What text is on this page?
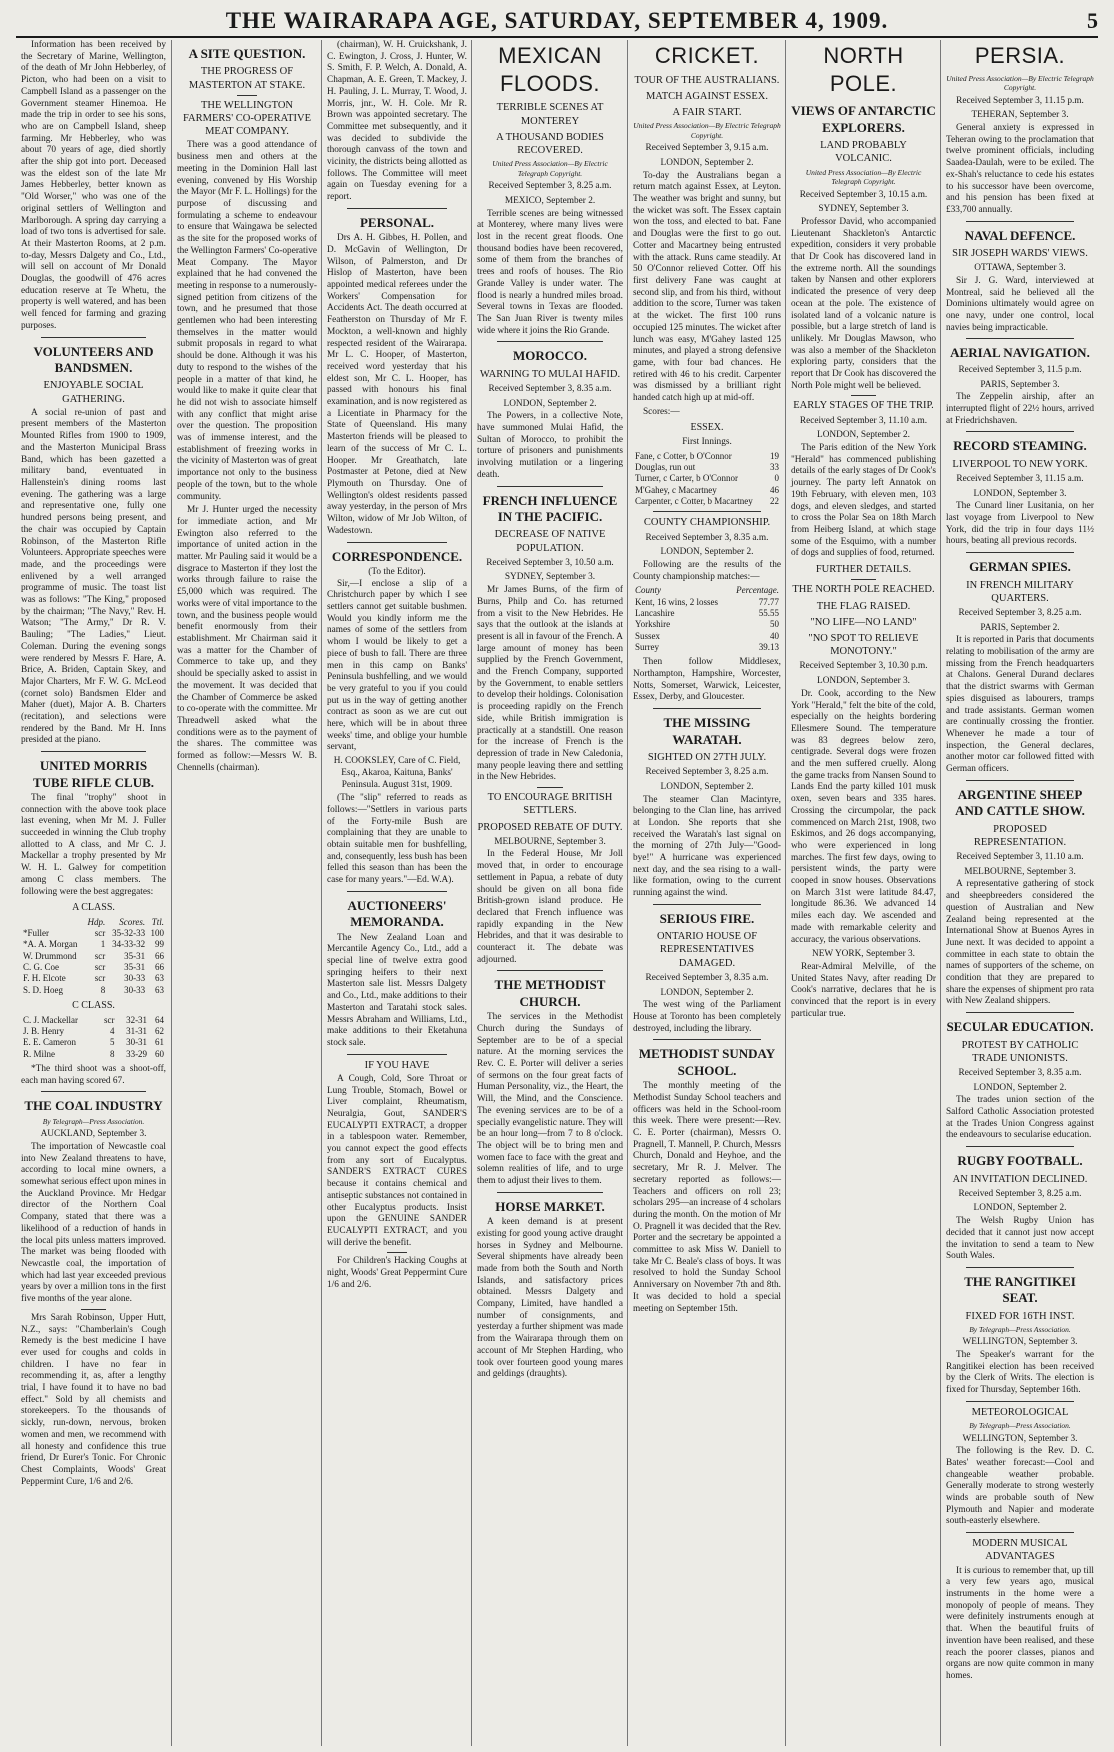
THE WAIRARAPA AGE, SATURDAY, SEPTEMBER 4, 1909.	5

Information has been received by the Secretary of Marine, Wellington, of the death of Mr John Hebberley, of Picton, who had been on a visit to Campbell Island as a passenger on the Government steamer Hinemoa. He made the trip in order to see his sons, who are on Campbell Island, sheep farming. Mr Hebberley, who was about 70 years of age, died shortly after the ship got into port. Deceased was the eldest son of the late Mr James Hebberley, better known as "Old Worser," who was one of the original settlers of Wellington and Marlborough. A spring day carrying a load of two tons is advertised for sale. At their Masterton Rooms, at 2 p.m. to-day, Messrs Dalgety and Co., Ltd., will sell on account of Mr Donald Douglas, the goodwill of 476 acres education reserve at Te Whetu, the property is well watered, and has been well fenced for farming and grazing purposes.

VOLUNTEERS AND BANDSMEN.
ENJOYABLE SOCIAL GATHERING.

A social re-union of past and present members of the Masterton Mounted Rifles from 1900 to 1909, and the Masterton Municipal Brass Band, which has been gazetted a military band, eventuated in Hallenstein's dining rooms last evening. The gathering was a large and representative one, fully one hundred persons being present, and the chair was occupied by Captain Robinson, of the Masterton Rifle Volunteers. Appropriate speeches were made, and the proceedings were enlivened by a well arranged programme of music. The toast list was as follows: "The King," proposed by the chairman; "The Navy," Rev. H. Watson; "The Army," Dr R. V. Bauling; "The Ladies," Lieut. Coleman. During the evening songs were rendered by Messrs F. Hare, A. Brice, A. Briden, Captain Skey, and Major Charters, Mr F. W. G. McLeod (cornet solo) Bandsmen Elder and Maher (duet), Major A. B. Charters (recitation), and selections were rendered by the Band. Mr H. Inns presided at the piano.

UNITED MORRIS TUBE RIFLE CLUB.

The final "trophy" shoot in connection with the above took place last evening, when Mr M. J. Fuller succeeded in winning the Club trophy allotted to A class, and Mr C. J. Mackellar a trophy presented by Mr W. H. L. Galwey for competition among C class members. The following were the best aggregates:

A CLASS.
	Hdp.	Scores.	Ttl.
*Fuller	scr	35-32-33	100
*A. A. Morgan	1	34-33-32	99
W. Drummond	scr	35-31	66
C. G. Coe	scr	35-31	66
F. H. Elcote	scr	30-33	63
S. D. Hoeg	8	30-33	63
C CLASS.
C. J. Mackellar	scr	32-31	64
J. B. Henry	4	31-31	62
E. E. Cameron	5	30-31	61
R. Milne	8	33-29	60

*The third shoot was a shoot-off, each man having scored 67.

THE COAL INDUSTRY
By Telegraph—Press Association.
AUCKLAND, September 3.

The importation of Newcastle coal into New Zealand threatens to have, according to local mine owners, a somewhat serious effect upon mines in the Auckland Province. Mr Hedgar director of the Northern Coal Company, stated that there was a likelihood of a reduction of hands in the local pits unless matters improved. The market was being flooded with Newcastle coal, the importation of which had last year exceeded previous years by over a million tons in the first five months of the year alone.

Mrs Sarah Robinson, Upper Hutt, N.Z., says: "Chamberlain's Cough Remedy is the best medicine I have ever used for coughs and colds in children. I have no fear in recommending it, as, after a lengthy trial, I have found it to have no bad effect." Sold by all chemists and storekeepers. To the thousands of sickly, run-down, nervous, broken women and men, we recommend with all honesty and confidence this true friend, Dr Eurer's Tonic. For Chronic Chest Complaints, Woods' Great Peppermint Cure, 1/6 and 2/6.

A SITE QUESTION.
THE PROGRESS OF MASTERTON AT STAKE.
THE WELLINGTON FARMERS' CO-OPERATIVE MEAT COMPANY.

There was a good attendance of business men and others at the meeting in the Dominion Hall last evening, convened by His Worship the Mayor (Mr F. L. Hollings) for the purpose of discussing and formulating a scheme to endeavour to ensure that Waingawa be selected as the site for the proposed works of the Wellington Farmers' Co-operative Meat Company. The Mayor explained that he had convened the meeting in response to a numerously-signed petition from citizens of the town, and he presumed that those gentlemen who had been interesting themselves in the matter would submit proposals in regard to what should be done. Although it was his duty to respond to the wishes of the people in a matter of that kind, he would like to make it quite clear that he did not wish to associate himself with any conflict that might arise over the question. The proposition was of immense interest, and the establishment of freezing works in the vicinity of Masterton was of great importance not only to the business people of the town, but to the whole community.

Mr J. Hunter urged the necessity for immediate action, and Mr Ewington also referred to the importance of united action in the matter. Mr Pauling said it would be a disgrace to Masterton if they lost the works through failure to raise the £5,000 which was required. The works were of vital importance to the town, and the business people would benefit enormously from their establishment. Mr Chairman said it was a matter for the Chamber of Commerce to take up, and they should be specially asked to assist in the movement. It was decided that the Chamber of Commerce be asked to co-operate with the committee. Mr Threadwell asked what the conditions were as to the payment of the shares. The committee was formed as follow:—Messrs W. B. Chennells (chairman).

(chairman), W. H. Cruickshank, J. C. Ewington, J. Cross, J. Hunter, W. S. Smith, F. P. Welch, A. Donald, A. Chapman, A. E. Green, T. Mackey, J. H. Pauling, J. L. Murray, T. Wood, J. Morris, jnr., W. H. Cole. Mr R. Brown was appointed secretary. The Committee met subsequently, and it was decided to subdivide the thorough canvass of the town and vicinity, the districts being allotted as follows. The Committee will meet again on Tuesday evening for a report.

PERSONAL.

Drs A. H. Gibbes, H. Pollen, and D. McGavin of Wellington, Dr Wilson, of Palmerston, and Dr Hislop of Masterton, have been appointed medical referees under the Workers' Compensation for Accidents Act. The death occurred at Featherston on Thursday of Mr F. Mockton, a well-known and highly respected resident of the Wairarapa. Mr L. C. Hooper, of Masterton, received word yesterday that his eldest son, Mr C. L. Hooper, has passed with honours his final examination, and is now registered as a Licentiate in Pharmacy for the State of Queensland. His many Masterton friends will be pleased to learn of the success of Mr C. L. Hooper. Mr Greathatch, late Postmaster at Petone, died at New Plymouth on Thursday. One of Wellington's oldest residents passed away yesterday, in the person of Mrs Wilton, widow of Mr Job Wilton, of Wadestown.

CORRESPONDENCE.
(To the Editor).

Sir,—I enclose a slip of a Christchurch paper by which I see settlers cannot get suitable bushmen. Would you kindly inform me the names of some of the settlers from whom I would be likely to get a piece of bush to fall. There are three men in this camp on Banks' Peninsula bushfelling, and we would be very grateful to you if you could put us in the way of getting another contract as soon as we are cut out here, which will be in about three weeks' time, and oblige your humble servant,

H. COOKSLEY, Care of C. Field, Esq., Akaroa, Kaituna, Banks' Peninsula. August 31st, 1909.

(The "slip" referred to reads as follows:—"Settlers in various parts of the Forty-mile Bush are complaining that they are unable to obtain suitable men for bushfelling, and, consequently, less bush has been felled this season than has been the case for many years."—Ed. W.A).

AUCTIONEERS' MEMORANDA.

The New Zealand Loan and Mercantile Agency Co., Ltd., add a special line of twelve extra good springing heifers to their next Masterton sale list. Messrs Dalgety and Co., Ltd., make additions to their Masterton and Taratahi stock sales. Messrs Abraham and Williams, Ltd., make additions to their Eketahuna stock sale.

IF YOU HAVE

A Cough, Cold, Sore Throat or Lung Trouble, Stomach, Bowel or Liver complaint, Rheumatism, Neuralgia, Gout, SANDER'S EUCALYPTI EXTRACT, a dropper in a tablespoon water. Remember, you cannot expect the good effects from any sort of Eucalyptus. SANDER'S EXTRACT CURES because it contains chemical and antiseptic substances not contained in other Eucalyptus products. Insist upon the GENUINE SANDER EUCALYPTI EXTRACT, and you will derive the benefit.

For Children's Hacking Coughs at night, Woods' Great Peppermint Cure 1/6 and 2/6.

MEXICAN FLOODS.
TERRIBLE SCENES AT MONTEREY
A THOUSAND BODIES RECOVERED.
United Press Association—By Electric Telegraph Copyright.
Received September 3, 8.25 a.m.
MEXICO, September 2.

Terrible scenes are being witnessed at Monterey, where many lives were lost in the recent great floods. One thousand bodies have been recovered, some of them from the branches of trees and roofs of houses. The Rio Grande Valley is under water. The flood is nearly a hundred miles broad. Several towns in Texas are flooded. The San Juan River is twenty miles wide where it joins the Rio Grande.

MOROCCO.
WARNING TO MULAI HAFID.
Received September 3, 8.35 a.m.
LONDON, September 2.

The Powers, in a collective Note, have summoned Mulai Hafid, the Sultan of Morocco, to prohibit the torture of prisoners and punishments involving mutilation or a lingering death.

FRENCH INFLUENCE IN THE PACIFIC.
DECREASE OF NATIVE POPULATION.
Received September 3, 10.50 a.m.
SYDNEY, September 3.

Mr James Burns, of the firm of Burns, Philp and Co. has returned from a visit to the New Hebrides. He says that the outlook at the islands at present is all in favour of the French. A large amount of money has been supplied by the French Government, and the French Company, supported by the Government, to enable settlers to develop their holdings. Colonisation is proceeding rapidly on the French side, while British immigration is practically at a standstill. One reason for the increase of French is the depression of trade in New Caledonia, many people leaving there and settling in the New Hebrides.

TO ENCOURAGE BRITISH SETTLERS.
PROPOSED REBATE OF DUTY.
MELBOURNE, September 3.

In the Federal House, Mr Joll moved that, in order to encourage settlement in Papua, a rebate of duty should be given on all bona fide British-grown island produce. He declared that French influence was rapidly expanding in the New Hebrides, and that it was desirable to counteract it. The debate was adjourned.

THE METHODIST CHURCH.

The services in the Methodist Church during the Sundays of September are to be of a special nature. At the morning services the Rev. C. E. Porter will deliver a series of sermons on the four great facts of Human Personality, viz., the Heart, the Will, the Mind, and the Conscience. The evening services are to be of a specially evangelistic nature. They will be an hour long—from 7 to 8 o'clock. The object will be to bring men and women face to face with the great and solemn realities of life, and to urge them to adjust their lives to them.

HORSE MARKET.

A keen demand is at present existing for good young active draught horses in Sydney and Melbourne. Several shipments have already been made from both the South and North Islands, and satisfactory prices obtained. Messrs Dalgety and Company, Limited, have handled a number of consignments, and yesterday a further shipment was made from the Wairarapa through them on account of Mr Stephen Harding, who took over fourteen good young mares and geldings (draughts).

CRICKET.
TOUR OF THE AUSTRALIANS.
MATCH AGAINST ESSEX.
A FAIR START.
United Press Association—By Electric Telegraph Copyright.
Received September 3, 9.15 a.m.
LONDON, September 2.

To-day the Australians began a return match against Essex, at Leyton. The weather was bright and sunny, but the wicket was soft. The Essex captain won the toss, and elected to bat. Fane and Douglas were the first to go out. Cotter and Macartney being entrusted with the attack. Runs came steadily. At 50 O'Connor relieved Cotter. Off his first delivery Fane was caught at second slip, and from his third, without addition to the score, Turner was taken at the wicket. The first 100 runs occupied 125 minutes. The wicket after lunch was easy, M'Gahey lasted 125 minutes, and played a strong defensive game, with four bad chances. He retired with 46 to his credit. Carpenter was dismissed by a brilliant right handed catch high up at mid-off.

Scores:—

ESSEX.
First Innings.
Fane, c Cotter, b O'Connor	19
Douglas, run out	33
Turner, c Carter, b O'Connor	0
M'Gahey, c Macartney	46
Carpenter, c Cotter, b Macartney	22
COUNTY CHAMPIONSHIP.
Received September 3, 8.35 a.m.
LONDON, September 2.

Following are the results of the County championship matches:—

County	Percentage.
Kent, 16 wins, 2 losses	77.77
Lancashire	55.55
Yorkshire	50
Sussex	40
Surrey	39.13

Then follow Middlesex, Northampton, Hampshire, Worcester, Notts, Somerset, Warwick, Leicester, Essex, Derby, and Gloucester.

THE MISSING WARATAH.
SIGHTED ON 27TH JULY.
Received September 3, 8.25 a.m.
LONDON, September 2.

The steamer Clan Macintyre, belonging to the Clan line, has arrived at London. She reports that she received the Waratah's last signal on the morning of 27th July—"Good-bye!" A hurricane was experienced next day, and the sea rising to a wall-like formation, owing to the current running against the wind.

SERIOUS FIRE.
ONTARIO HOUSE OF REPRESENTATIVES DAMAGED.
Received September 3, 8.35 a.m.
LONDON, September 2.

The west wing of the Parliament House at Toronto has been completely destroyed, including the library.

METHODIST SUNDAY SCHOOL.

The monthly meeting of the Methodist Sunday School teachers and officers was held in the School-room this week. There were present:—Rev. C. E. Porter (chairman), Messrs O. Pragnell, T. Mannell, P. Church, Messrs Church, Donald and Heyhoe, and the secretary, Mr R. J. Melver. The secretary reported as follows:—Teachers and officers on roll 23; scholars 295—an increase of 4 scholars during the month. On the motion of Mr O. Pragnell it was decided that the Rev. Porter and the secretary be appointed a committee to ask Miss W. Daniell to take Mr C. Beale's class of boys. It was resolved to hold the Sunday School Anniversary on November 7th and 8th. It was decided to hold a special meeting on September 15th.

NORTH POLE.
VIEWS OF ANTARCTIC EXPLORERS.
LAND PROBABLY VOLCANIC.
United Press Association—By Electric Telegraph Copyright.
Received September 3, 10.15 a.m.
SYDNEY, September 3.

Professor David, who accompanied Lieutenant Shackleton's Antarctic expedition, considers it very probable that Dr Cook has discovered land in the extreme north. All the soundings taken by Nansen and other explorers indicated the presence of very deep ocean at the pole. The existence of isolated land of a volcanic nature is possible, but a large stretch of land is unlikely. Mr Douglas Mawson, who was also a member of the Shackleton exploring party, considers that the report that Dr Cook has discovered the North Pole might well be believed.

EARLY STAGES OF THE TRIP.
Received September 3, 11.10 a.m.
LONDON, September 2.

The Paris edition of the New York "Herald" has commenced publishing details of the early stages of Dr Cook's journey. The party left Annatok on 19th February, with eleven men, 103 dogs, and eleven sledges, and started to cross the Polar Sea on 18th March from Heiberg Island, at which stage some of the Esquimo, with a number of dogs and supplies of food, returned.

FURTHER DETAILS.
THE NORTH POLE REACHED.
THE FLAG RAISED.
"NO LIFE—NO LAND"
"NO SPOT TO RELIEVE MONOTONY."
Received September 3, 10.30 p.m.
LONDON, September 3.

Dr. Cook, according to the New York "Herald," felt the bite of the cold, especially on the heights bordering Ellesmere Sound. The temperature was 83 degrees below zero, centigrade. Several dogs were frozen and the men suffered cruelly. Along the game tracks from Nansen Sound to Lands End the party killed 101 musk oxen, seven bears and 335 hares. Crossing the circumpolar, the pack commenced on March 21st, 1908, two Eskimos, and 26 dogs accompanying, who were experienced in long marches. The first few days, owing to persistent winds, the party were cooped in snow houses. Observations on March 31st were latitude 84.47, longitude 86.36. We advanced 14 miles each day. We ascended and made with remarkable celerity and accuracy, the various observations.

NEW YORK, September 3.

Rear-Admiral Melville, of the United States Navy, after reading Dr Cook's narrative, declares that he is convinced that the report is in every particular true.

PERSIA.
United Press Association—By Electric Telegraph Copyright.
Received September 3, 11.15 p.m.
TEHERAN, September 3.

General anxiety is expressed in Teheran owing to the proclamation that twelve prominent officials, including Saadea-Daulah, were to be exiled. The ex-Shah's reluctance to cede his estates to his successor have been overcome, and his pension has been fixed at £33,700 annually.

NAVAL DEFENCE.
SIR JOSEPH WARDS' VIEWS.
OTTAWA, September 3.

Sir J. G. Ward, interviewed at Montreal, said he believed all the Dominions ultimately would agree on one navy, under one control, local navies being impracticable.

AERIAL NAVIGATION.
Received September 3, 11.5 p.m.
PARIS, September 3.

The Zeppelin airship, after an interrupted flight of 22½ hours, arrived at Friedrichshaven.

RECORD STEAMING.
LIVERPOOL TO NEW YORK.
Received September 3, 11.15 a.m.
LONDON, September 3.

The Cunard liner Lusitania, on her last voyage from Liverpool to New York, did the trip in four days 11½ hours, beating all previous records.

GERMAN SPIES.
IN FRENCH MILITARY QUARTERS.
Received September 3, 8.25 a.m.
PARIS, September 2.

It is reported in Paris that documents relating to mobilisation of the army are missing from the French headquarters at Chalons. General Durand declares that the district swarms with German spies disguised as labourers, tramps and trade assistants. German women are continually crossing the frontier. Whenever he made a tour of inspection, the General declares, another motor car followed fitted with German officers.

ARGENTINE SHEEP AND CATTLE SHOW.
PROPOSED REPRESENTATION.
Received September 3, 11.10 a.m.
MELBOURNE, September 3.

A representative gathering of stock and sheepbreeders considered the question of Australian and New Zealand being represented at the International Show at Buenos Ayres in June next. It was decided to appoint a committee in each state to obtain the names of supporters of the scheme, on condition that they are prepared to share the expenses of shipment pro rata with New Zealand shippers.

SECULAR EDUCATION.
PROTEST BY CATHOLIC TRADE UNIONISTS.
Received September 3, 8.35 a.m.
LONDON, September 2.

The trades union section of the Salford Catholic Association protested at the Trades Union Congress against the endeavours to secularise education.

RUGBY FOOTBALL.
AN INVITATION DECLINED.
Received September 3, 8.25 a.m.
LONDON, September 2.

The Welsh Rugby Union has decided that it cannot just now accept the invitation to send a team to New South Wales.

THE RANGITIKEI SEAT.
FIXED FOR 16TH INST.
By Telegraph—Press Association.
WELLINGTON, September 3.

The Speaker's warrant for the Rangitikei election has been received by the Clerk of Writs. The election is fixed for Thursday, September 16th.

METEOROLOGICAL
By Telegraph—Press Association.
WELLINGTON, September 3.

The following is the Rev. D. C. Bates' weather forecast:—Cool and changeable weather probable. Generally moderate to strong westerly winds are probable south of New Plymouth and Napier and moderate south-easterly elsewhere.

MODERN MUSICAL ADVANTAGES

It is curious to remember that, up till a very few years ago, musical instruments in the home were a monopoly of people of means. They were definitely instruments enough at that. When the beautiful fruits of invention have been realised, and these reach the poorer classes, pianos and organs are now quite common in many homes.
